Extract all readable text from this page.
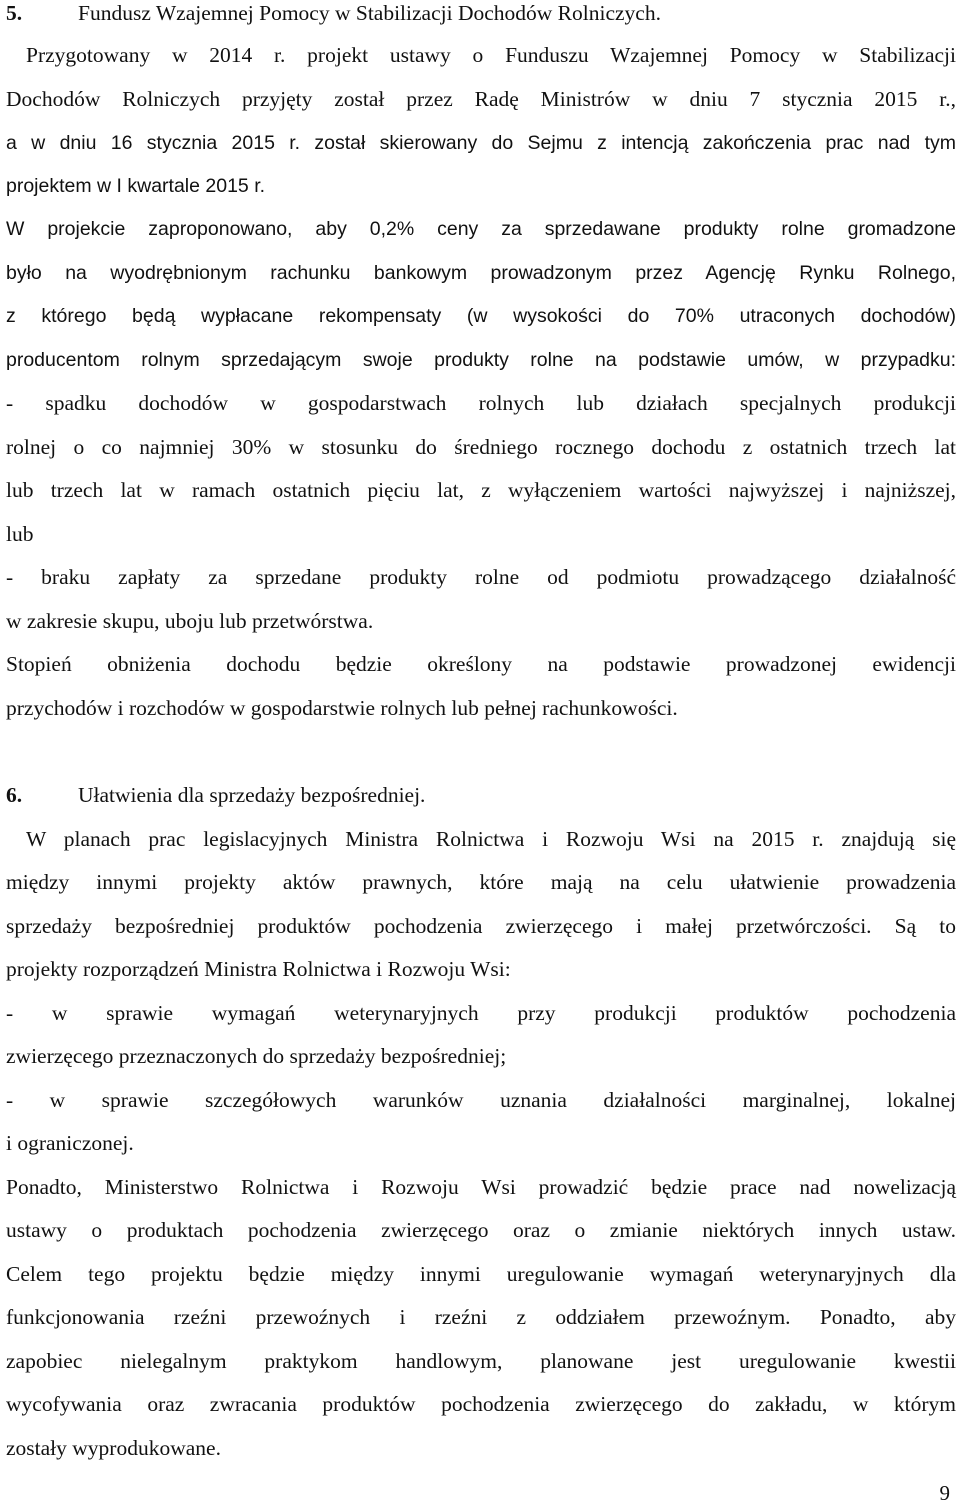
5.	Fundusz Wzajemnej Pomocy w Stabilizacji Dochodów Rolniczych.
Przygotowany w 2014 r. projekt ustawy o Funduszu Wzajemnej Pomocy w Stabilizacji
Dochodów Rolniczych przyjęty został przez Radę Ministrów w dniu 7 stycznia 2015 r.,
a w dniu 16 stycznia 2015 r. został skierowany do Sejmu z intencją zakończenia prac nad tym
projektem w I kwartale 2015 r.
W projekcie zaproponowano, aby 0,2% ceny za sprzedawane produkty rolne gromadzone
było na wyodrębnionym rachunku bankowym prowadzonym przez Agencję Rynku Rolnego,
z którego będą wypłacane rekompensaty (w wysokości do 70% utraconych dochodów)
producentom rolnym sprzedającym swoje produkty rolne na podstawie umów, w przypadku:
- spadku dochodów w gospodarstwach rolnych lub działach specjalnych produkcji
rolnej o co najmniej 30% w stosunku do średniego rocznego dochodu z ostatnich trzech lat
lub trzech lat w ramach ostatnich pięciu lat, z wyłączeniem wartości najwyższej i najniższej,
lub
- braku zapłaty za sprzedane produkty rolne od podmiotu prowadzącego działalność
w zakresie skupu, uboju lub przetwórstwa.
Stopień obniżenia dochodu będzie określony na podstawie prowadzonej ewidencji
przychodów i rozchodów w gospodarstwie rolnych lub pełnej rachunkowości.
6.	Ułatwienia dla sprzedaży bezpośredniej.
W planach prac legislacyjnych Ministra Rolnictwa i Rozwoju Wsi na 2015 r. znajdują się
między innymi projekty aktów prawnych, które mają na celu ułatwienie prowadzenia
sprzedaży bezpośredniej produktów pochodzenia zwierzęcego i małej przetwórczości. Są to
projekty rozporządzeń Ministra Rolnictwa i Rozwoju Wsi:
- w sprawie wymagań weterynaryjnych przy produkcji produktów pochodzenia
zwierzęcego przeznaczonych do sprzedaży bezpośredniej;
- w sprawie szczegółowych warunków uznania działalności marginalnej, lokalnej
i ograniczonej.
Ponadto, Ministerstwo Rolnictwa i Rozwoju Wsi prowadzić będzie prace nad nowelizacją
ustawy o produktach pochodzenia zwierzęcego oraz o zmianie niektórych innych ustaw.
Celem tego projektu będzie między innymi uregulowanie wymagań weterynaryjnych dla
funkcjonowania rzeźni przewoźnych i rzeźni z oddziałem przewoźnym. Ponadto, aby
zapobiec nielegalnym praktykom handlowym, planowane jest uregulowanie kwestii
wycofywania oraz zwracania produktów pochodzenia zwierzęcego do zakładu, w którym
zostały wyprodukowane.
9
